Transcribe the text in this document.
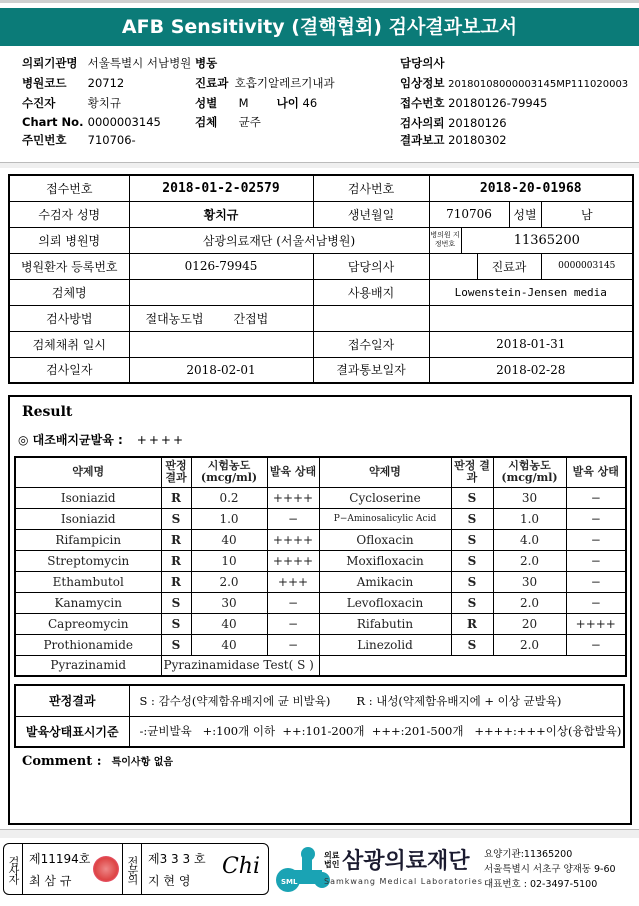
AFB Sensitivity (결핵협회) 검사결과보고서
의뢰기관명 서울특별시 서남병원
병원코드 20712
수진자	황치규
Chart No. 0000003145
주민번호 710706-
병동
진료과 호흡기알레르기내과
성별 M 나이 46
검체 균주
담당의사
임상정보 20180108000003145MP111020003
접수번호 20180126-79945
검사의뢰 20180126
결과보고 20180302
접수번호	2018-01-2-02579	검사번호	2018-20-01968				
수검자 성명	황치규	생년월일	710706			성별	남
의뢰 병원명	삼광의료재단 (서울서남병원)		병의원 지정번호	11365200			
병원환자 등록번호	0126-79945	담당의사			진료과		0000003145
검체명		사용배지	Lowenstein-Jensen media				
검사방법	절대농도법 간접법						
검체채취 일시		접수일자	2018-01-31				
검사일자	2018-02-01	결과통보일자	2018-02-28				
Result
◎ 대조배지균발육 : ++++
약제명	판정 결과	시험농도 (mcg/ml)	발육 상태	약제명	판정 결과	시험농도 (mcg/ml)	발육 상태
Isoniazid	R	0.2	++++	Cycloserine	S	30	−
Isoniazid	S	1.0	−	P−Aminosalicylic Acid	S	1.0	−
Rifampicin	R	40	++++	Ofloxacin	S	4.0	−
Streptomycin	R	10	++++	Moxifloxacin	S	2.0	−
Ethambutol	R	2.0	+++	Amikacin	S	30	−
Kanamycin	S	30	−	Levofloxacin	S	2.0	−
Capreomycin	S	40	−	Rifabutin	R	20	++++
Prothionamide	S	40	−	Linezolid	S	2.0	−
Pyrazinamid	Pyrazinamidase Test( S )						
판정결과	S : 감수성(약제함유배지에 균 비발육) R : 내성(약제함유배지에 + 이상 균발육)
발육상태표시기준	-:균비발육   +:100개 이하  ++:101-200개  +++:201-500개   ++++:+++이상(융합발육)
Comment : 특이사항 없음
검사자 제11194호
최 삼 규	전문의 제3 3 3 호
지 현 영
Chi
SML
의료법인 삼광의료재단
Samkwang Medical Laboratories
요양기관:11365200
서울특별시 서초구 양재동 9-60
대표번호 : 02-3497-5100
